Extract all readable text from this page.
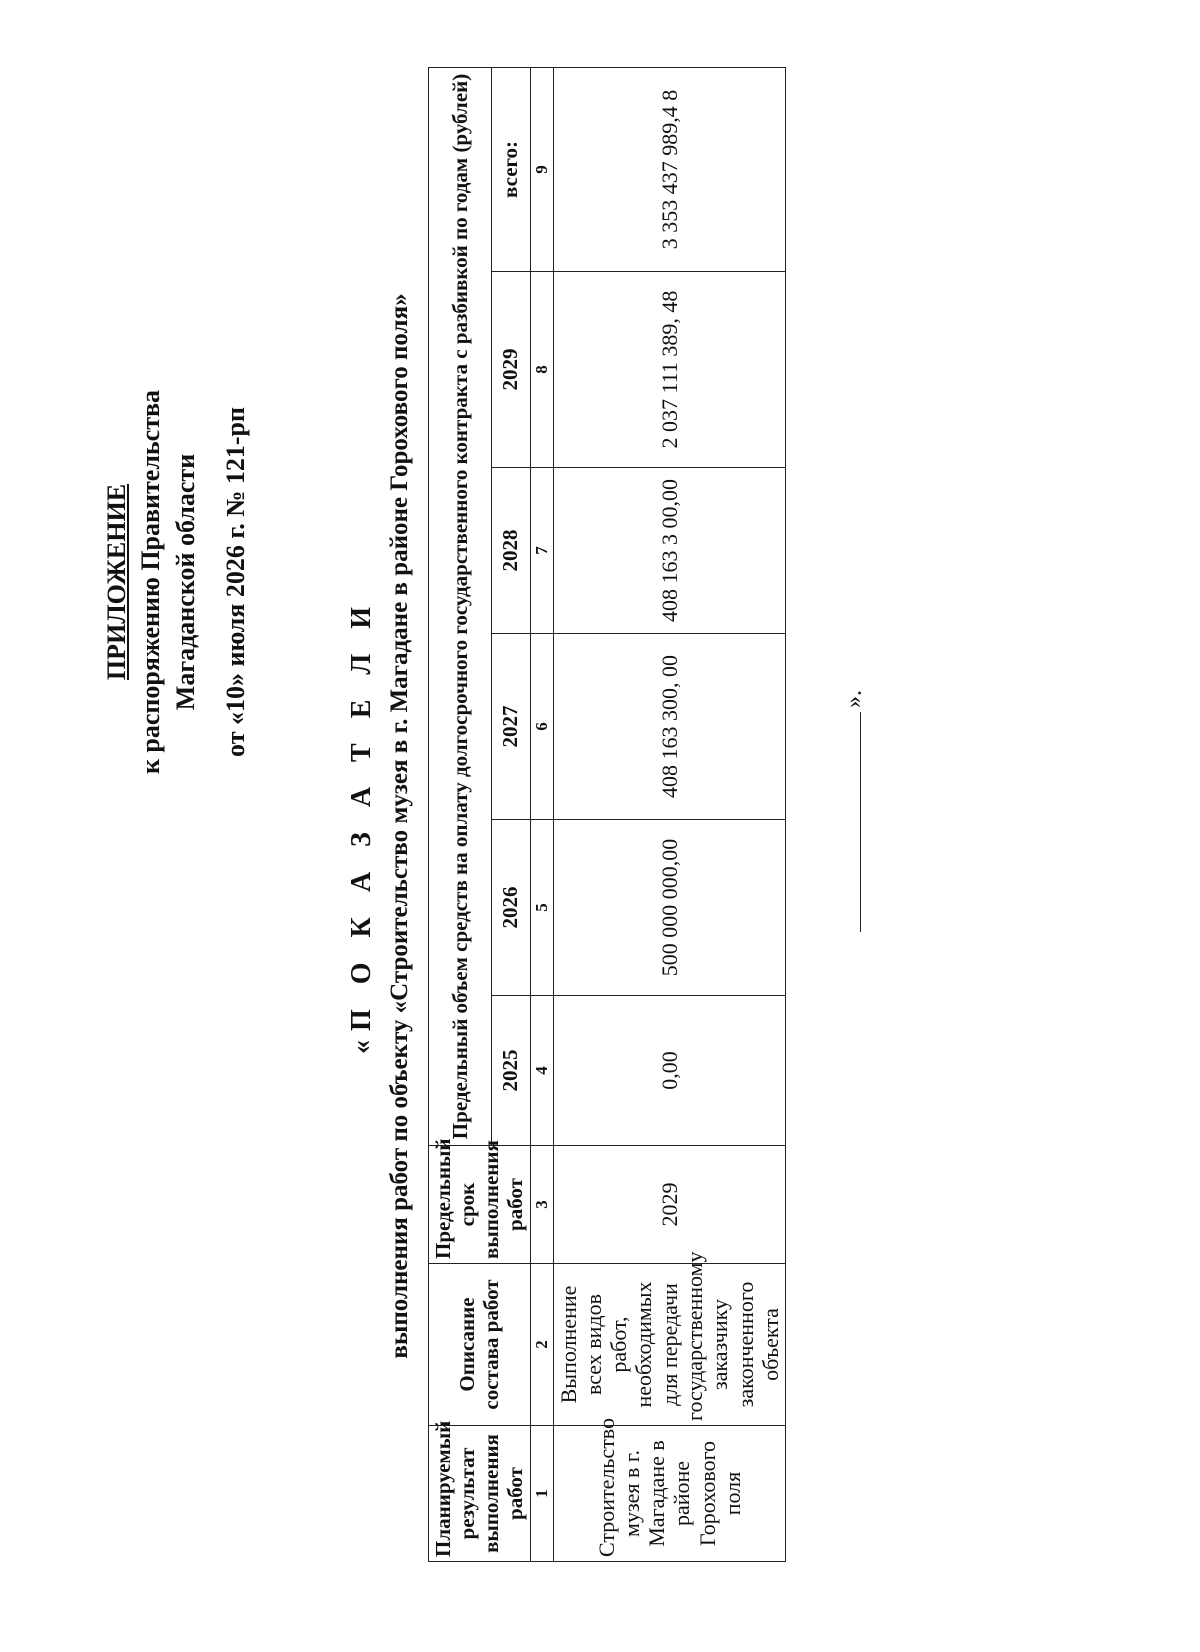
ПРИЛОЖЕНИЕ к распоряжению Правительства Магаданской области от «10» июля 2026 г. № 121-рп
«П О К А З А Т Е Л И выполнения работ по объекту «Строительство музея в г. Магадане в районе Горохового поля»
Планируемый результат выполнения работ	Описание состава работ	Предельный срок выполнения работ	Предельный объем средств на оплату долгосрочного государственного контракта с разбивкой по годам (рублей)					
			2025	2026	2027	2028	2029	всего:
1	2	3	4	5	6	7	8	9
Строительство музея в г. Магадане в районе Горохового поля	Выполнение всех видов работ, необходимых для передачи государственному заказчику законченного объекта	2029	0,00	500 000 000,00	408 163 300, 00	408 163 3 00,00	2 037 111 389, 48	3 353 437 989,4 8
».
